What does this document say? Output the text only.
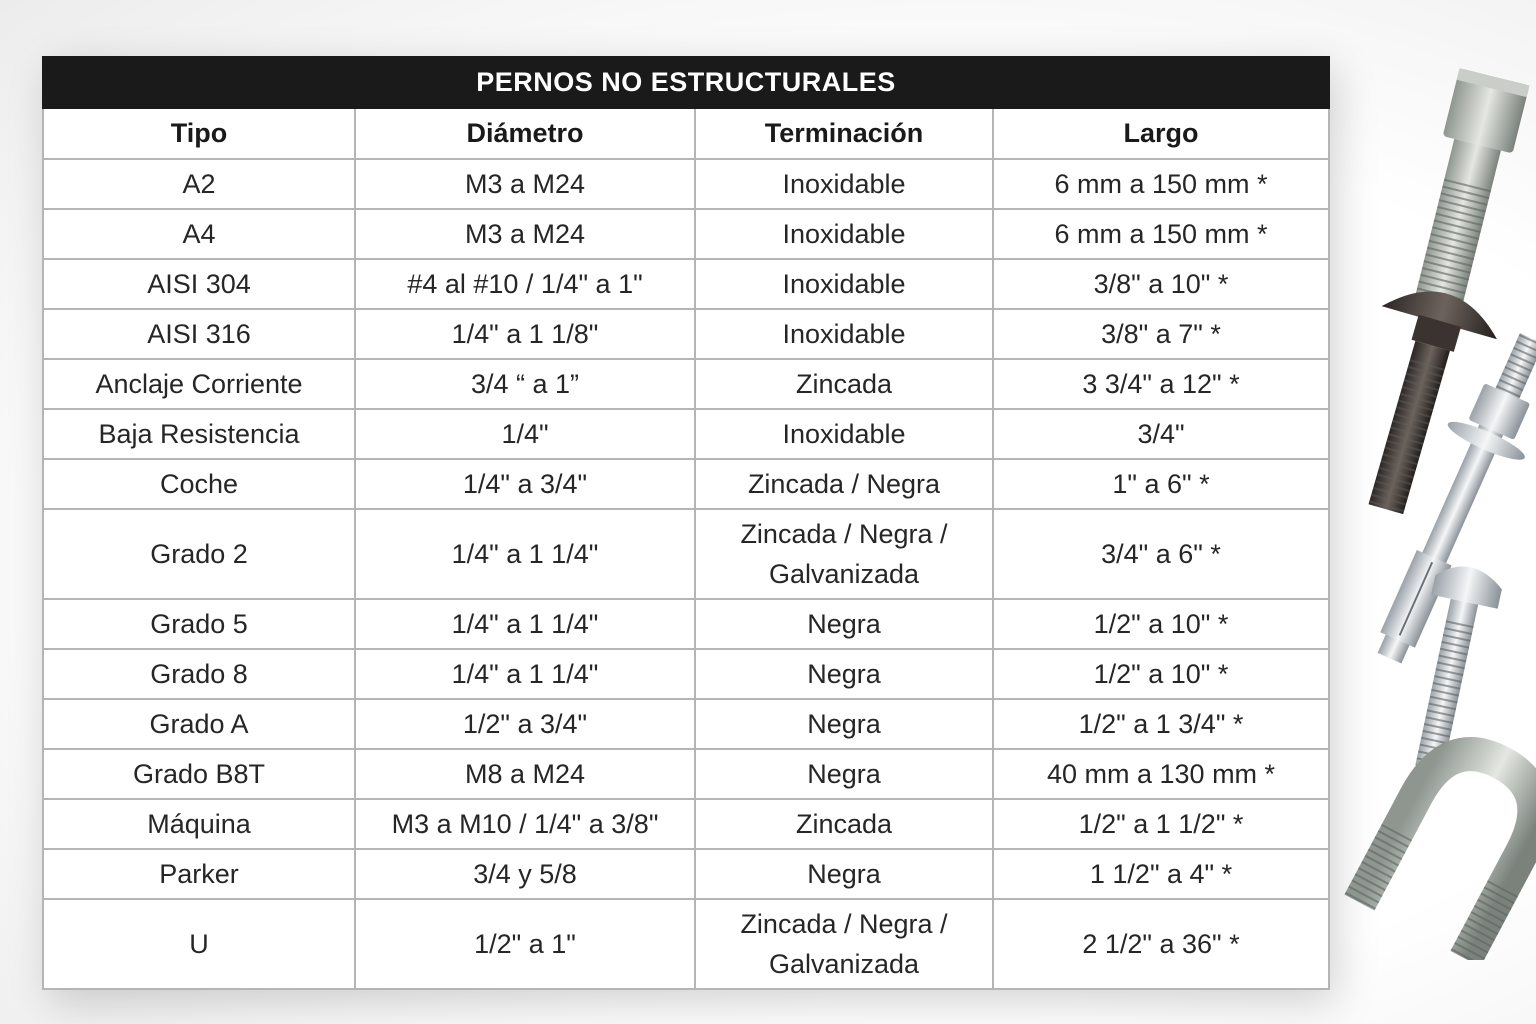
PERNOS NO ESTRUCTURALES			
Tipo	Diámetro	Terminación	Largo
A2	M3 a M24	Inoxidable	6 mm a 150 mm *
A4	M3 a M24	Inoxidable	6 mm a 150 mm *
AISI 304	#4 al #10 / 1/4" a 1"	Inoxidable	3/8" a 10" *
AISI 316	1/4" a 1 1/8"	Inoxidable	3/8" a 7" *
Anclaje Corriente	3/4 “ a 1”	Zincada	3 3/4" a 12" *
Baja Resistencia	1/4"	Inoxidable	3/4"
Coche	1/4" a 3/4"	Zincada / Negra	1" a 6" *
Grado 2	1/4" a 1 1/4"	Zincada / Negra / Galvanizada	3/4" a 6" *
Grado 5	1/4" a 1 1/4"	Negra	1/2" a 10" *
Grado 8	1/4" a 1 1/4"	Negra	1/2" a 10" *
Grado A	1/2" a 3/4"	Negra	1/2" a 1 3/4" *
Grado B8T	M8 a M24	Negra	40 mm a 130 mm *
Máquina	M3 a M10 / 1/4" a 3/8"	Zincada	1/2" a 1 1/2" *
Parker	3/4 y 5/8	Negra	1 1/2" a 4" *
U	1/2" a 1"	Zincada / Negra / Galvanizada	2 1/2" a 36" *
